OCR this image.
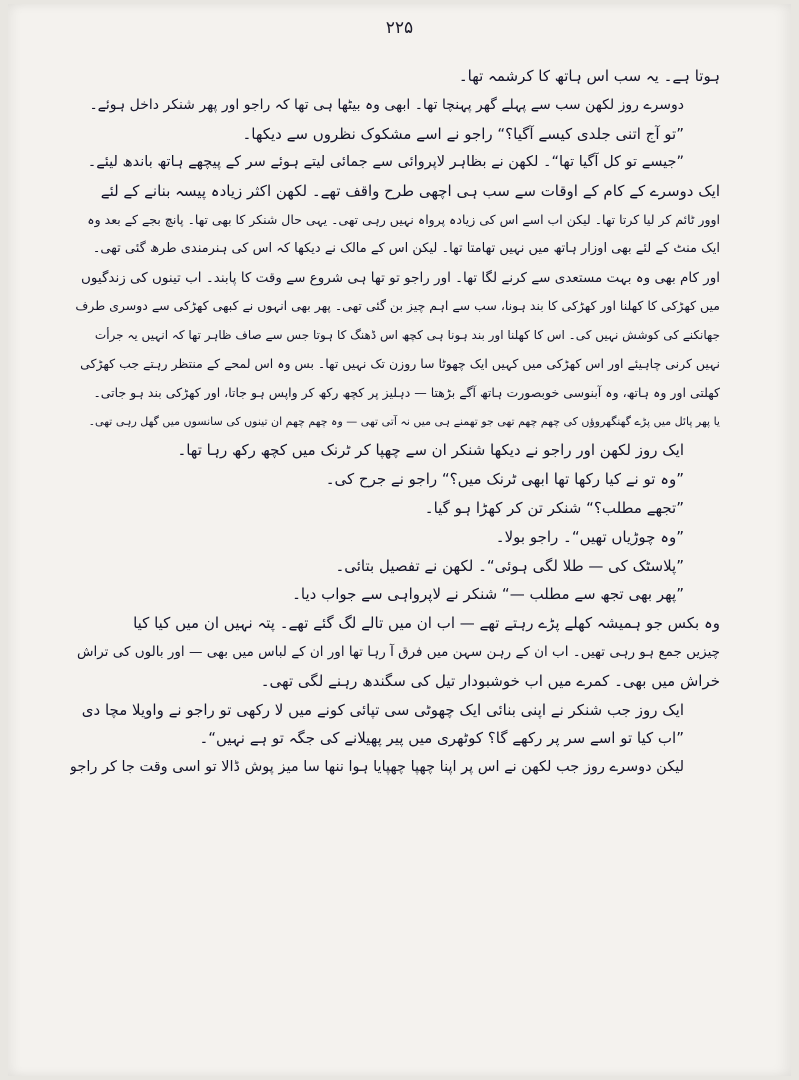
۲۲۵
ہوتا ہے۔ یہ سب اس ہاتھ کا کرشمہ تھا۔
دوسرے روز لکھن سب سے پہلے گھر پہنچا تھا۔ ابھی وہ بیٹھا ہی تھا کہ راجو اور پھر شنکر داخل ہوئے۔
”تو آج اتنی جلدی کیسے آگیا؟“ راجو نے اسے مشکوک نظروں سے دیکھا۔
”جیسے تو کل آگیا تھا“۔ لکھن نے بظاہر لاپروائی سے جمائی لیتے ہوئے سر کے پیچھے ہاتھ باندھ لیئے۔
ایک دوسرے کے کام کے اوقات سے سب ہی اچھی طرح واقف تھے۔ لکھن اکثر زیادہ پیسہ بنانے کے لئے
اوور ٹائم کر لیا کرتا تھا۔ لیکن اب اسے اس کی زیادہ پرواہ نہیں رہی تھی۔ یہی حال شنکر کا بھی تھا۔ پانچ بجے کے بعد وہ
ایک منٹ کے لئے بھی اوزار ہاتھ میں نہیں تھامتا تھا۔ لیکن اس کے مالک نے دیکھا کہ اس کی ہنرمندی طرھ گئی تھی۔
اور کام بھی وہ بہت مستعدی سے کرنے لگا تھا۔ اور راجو تو تھا ہی شروع سے وقت کا پابند۔ اب تینوں کی زندگیوں
میں کھڑکی کا کھلنا اور کھڑکی کا بند ہونا، سب سے اہم چیز بن گئی تھی۔ پھر بھی انہوں نے کبھی کھڑکی سے دوسری طرف
جھانکنے کی کوشش نہیں کی۔ اس کا کھلنا اور بند ہونا ہی کچھ اس ڈھنگ کا ہوتا جس سے صاف ظاہر تھا کہ انہیں یہ جرأت
نہیں کرنی چاہیئے اور اس کھڑکی میں کہیں ایک چھوٹا سا روزن تک نہیں تھا۔ بس وہ اس لمحے کے منتظر رہتے جب کھڑکی
کھلتی اور وہ ہاتھ، وہ آبنوسی خوبصورت ہاتھ آگے بڑھتا — دہلیز پر کچھ رکھ کر واپس ہو جاتا، اور کھڑکی بند ہو جاتی۔
یا پھر پائل میں پڑے گھنگھروؤں کی چھم چھم تھی جو تھمنے ہی میں نہ آتی تھی — وہ چھم چھم ان تینوں کی سانسوں میں گھل رہی تھی۔
ایک روز لکھن اور راجو نے دیکھا شنکر ان سے چھپا کر ٹرنک میں کچھ رکھ رہا تھا۔
”وہ تو نے کیا رکھا تھا ابھی ٹرنک میں؟“ راجو نے جرح کی۔
”تجھے مطلب؟“ شنکر تن کر کھڑا ہو گیا۔
”وہ چوڑیاں تھیں“۔ راجو بولا۔
”پلاسٹک کی — طلا لگی ہوئی“۔ لکھن نے تفصیل بتائی۔
”پھر بھی تجھ سے مطلب —“ شنکر نے لاپرواہی سے جواب دیا۔
وہ بکس جو ہمیشہ کھلے پڑے رہتے تھے — اب ان میں تالے لگ گئے تھے۔ پتہ نہیں ان میں کیا کیا
چیزیں جمع ہو رہی تھیں۔ اب ان کے رہن سہن میں فرق آ رہا تھا اور ان کے لباس میں بھی — اور بالوں کی تراش
خراش میں بھی۔ کمرے میں اب خوشبودار تیل کی سگندھ رہنے لگی تھی۔
ایک روز جب شنکر نے اپنی بنائی ایک چھوٹی سی تپائی کونے میں لا رکھی تو راجو نے واویلا مچا دی
”اب کیا تو اسے سر پر رکھے گا؟ کوٹھری میں پیر پھیلانے کی جگہ تو ہے نہیں“۔
لیکن دوسرے روز جب لکھن نے اس پر اپنا چھپا چھپایا ہوا ننھا سا میز پوش ڈالا تو اسی وقت جا کر راجو
